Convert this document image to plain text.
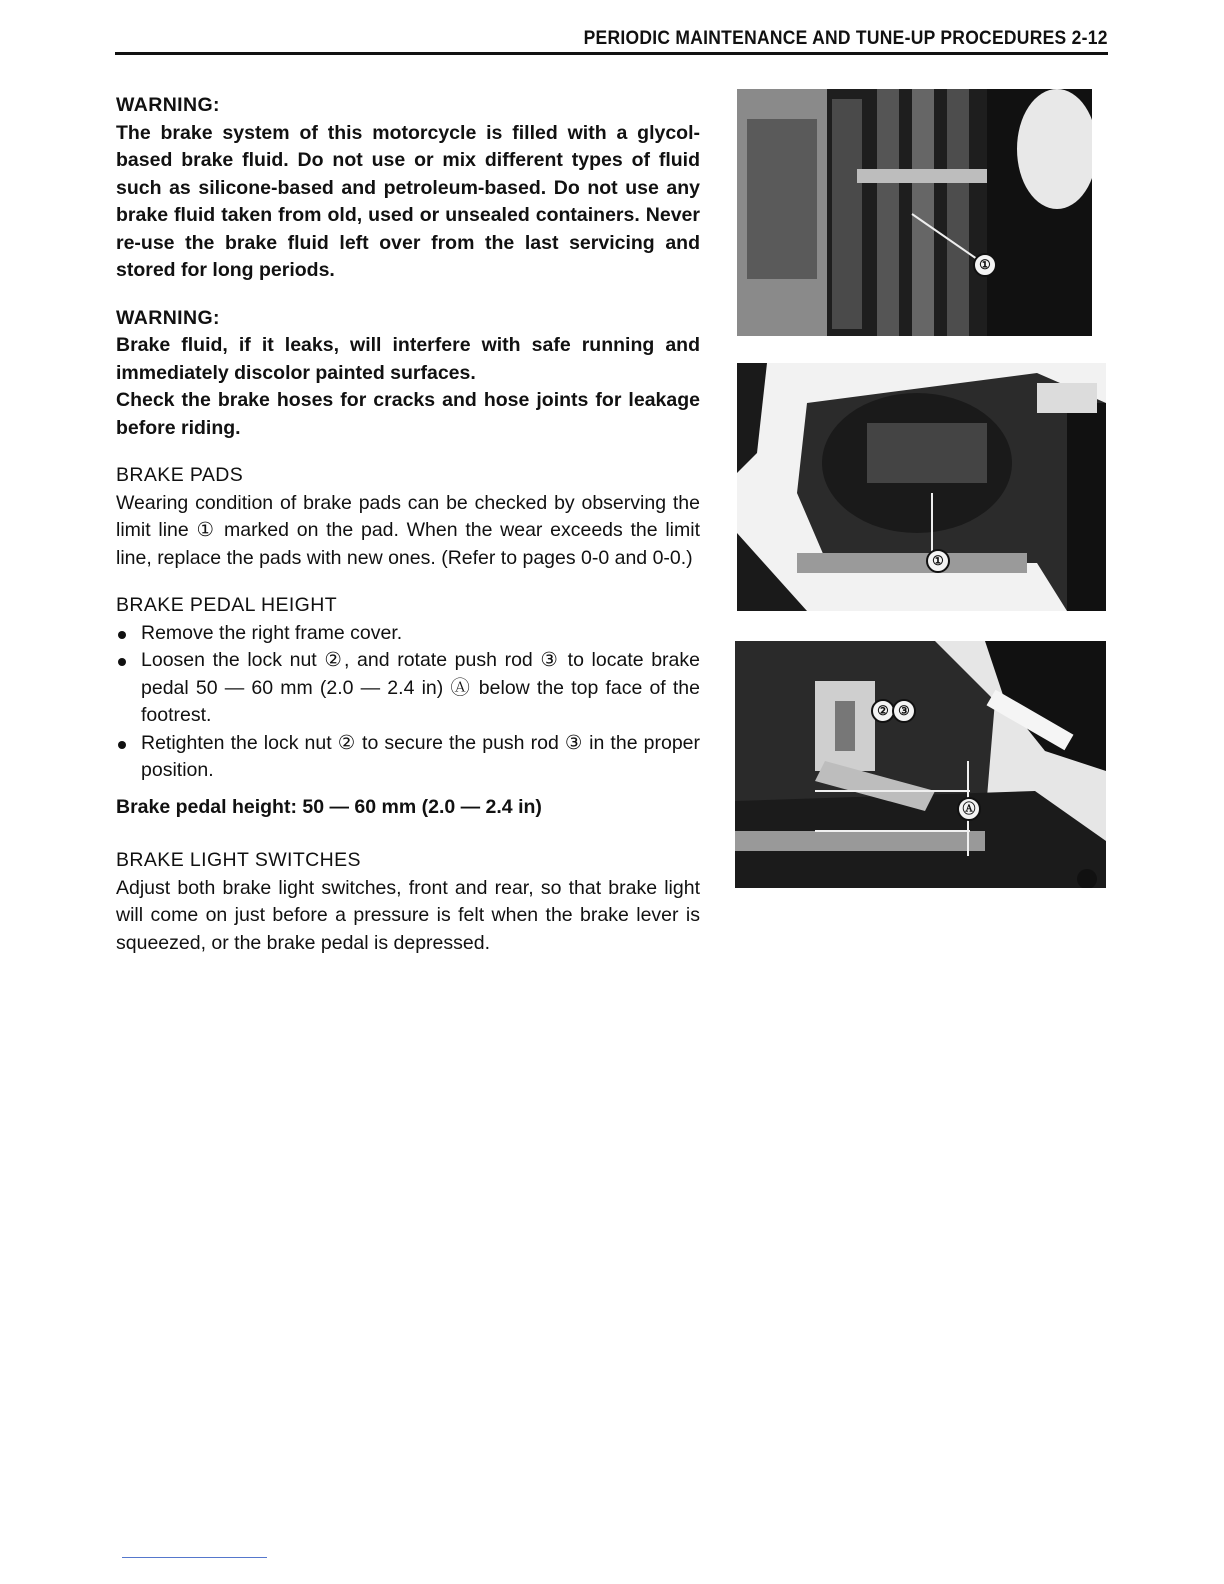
PERIODIC MAINTENANCE AND TUNE-UP PROCEDURES 2-12

WARNING:

The brake system of this motorcycle is filled with a glycol-based brake fluid. Do not use or mix different types of fluid such as silicone-based and petroleum-based. Do not use any brake fluid taken from old, used or unsealed containers. Never re-use the brake fluid left over from the last servicing and stored for long periods.

WARNING:

Brake fluid, if it leaks, will interfere with safe running and immediately discolor painted surfaces.

Check the brake hoses for cracks and hose joints for leakage before riding.

BRAKE PADS

Wearing condition of brake pads can be checked by observing the limit line ① marked on the pad. When the wear exceeds the limit line, replace the pads with new ones. (Refer to pages 0-0 and 0-0.)

BRAKE PEDAL HEIGHT

Remove the right frame cover.
Loosen the lock nut ②, and rotate push rod ③ to locate brake pedal 50 — 60 mm (2.0 — 2.4 in) Ⓐ below the top face of the footrest.
Retighten the lock nut ② to secure the push rod ③ in the proper position.

Brake pedal height: 50 — 60 mm (2.0 — 2.4 in)

BRAKE LIGHT SWITCHES

Adjust both brake light switches, front and rear, so that brake light will come on just before a pressure is felt when the brake lever is squeezed, or the brake pedal is depressed.

①
①
② ③
Ⓐ
